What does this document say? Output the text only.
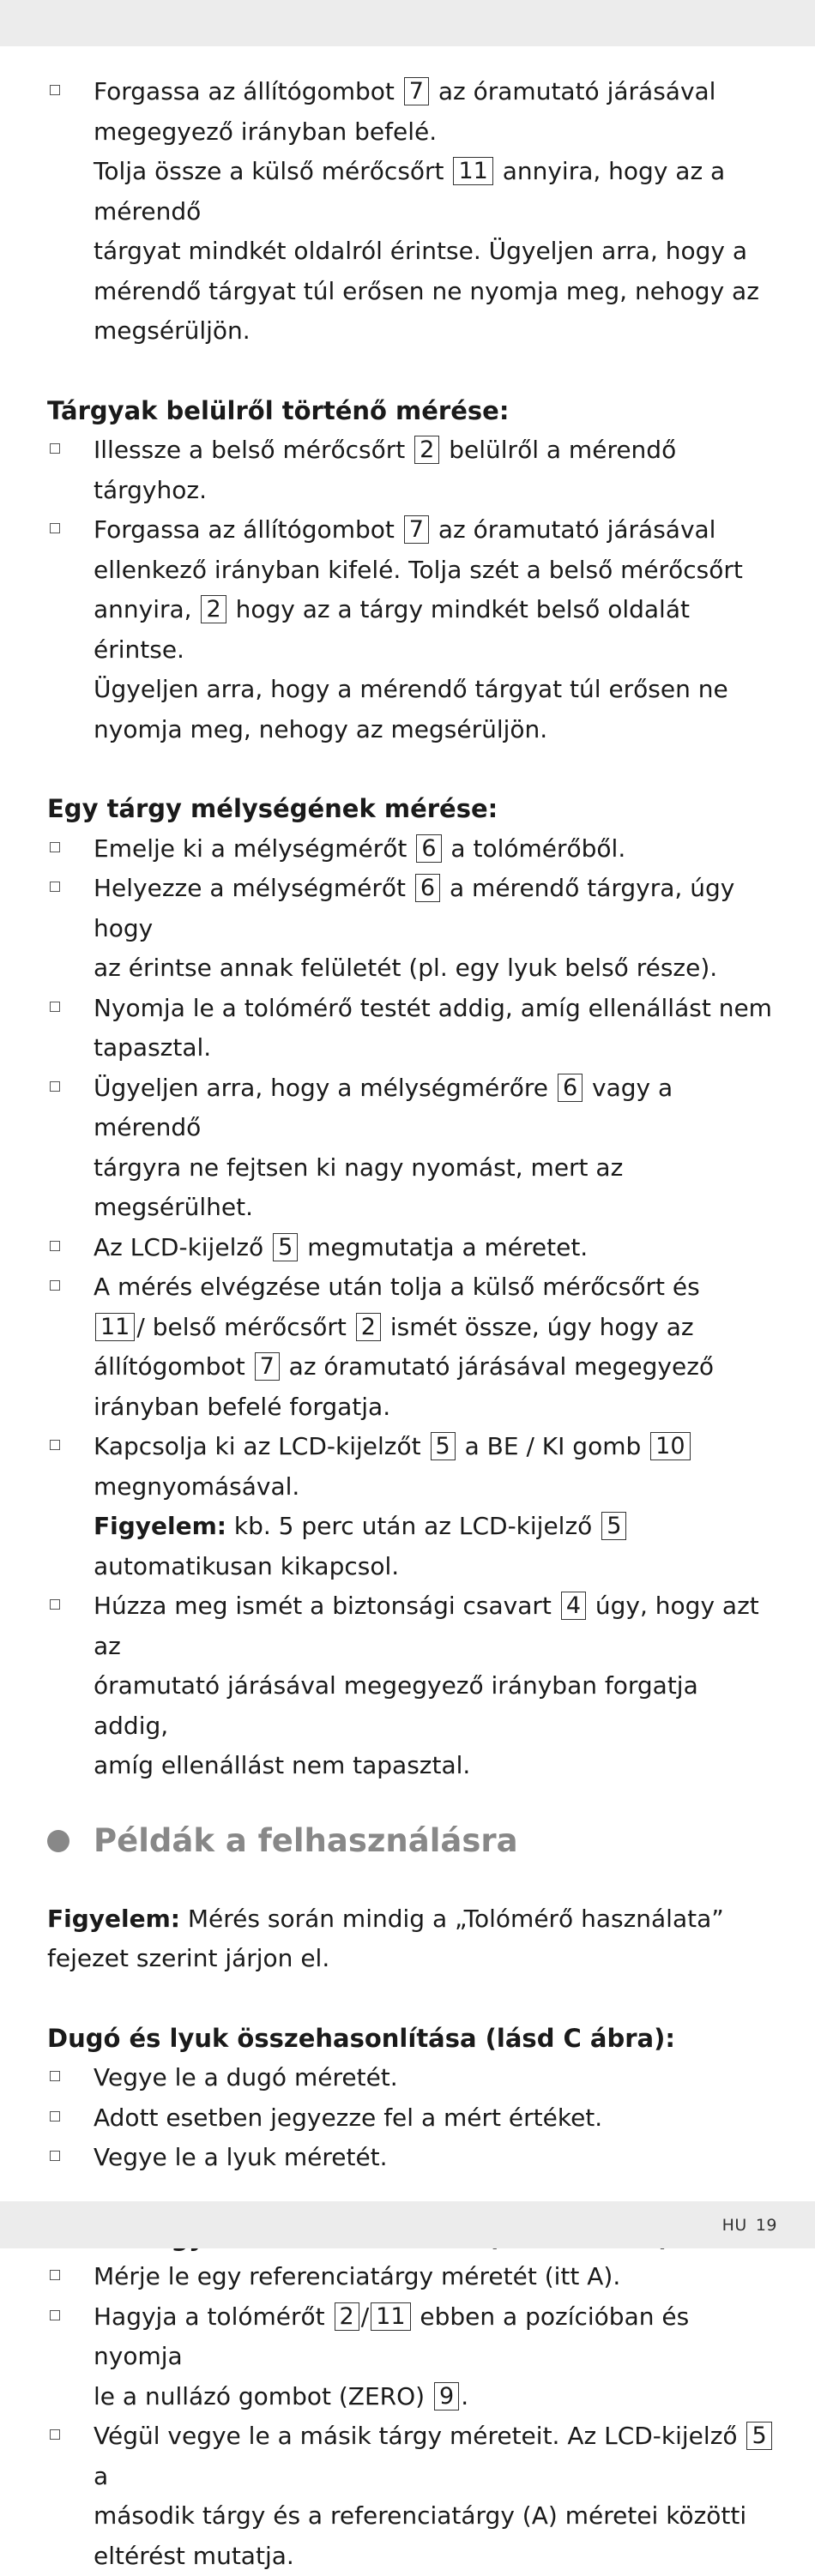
Forgassa az állítógombot 7 az óramutató járásával
megegyező irányban befelé.
Tolja össze a külső mérőcsőrt 11 annyira, hogy az a mérendő
tárgyat mindkét oldalról érintse. Ügyeljen arra, hogy a
mérendő tárgyat túl erősen ne nyomja meg, nehogy az
megsérüljön.
Tárgyak belülről történő mérése:
Illessze a belső mérőcsőrt 2 belülről a mérendő tárgyhoz.
Forgassa az állítógombot 7 az óramutató járásával
ellenkező irányban kifelé. Tolja szét a belső mérőcsőrt
annyira, 2 hogy az a tárgy mindkét belső oldalát érintse.
Ügyeljen arra, hogy a mérendő tárgyat túl erősen ne
nyomja meg, nehogy az megsérüljön.
Egy tárgy mélységének mérése:
Emelje ki a mélységmérőt 6 a tolómérőből.
Helyezze a mélységmérőt 6 a mérendő tárgyra, úgy hogy
az érintse annak felületét (pl. egy lyuk belső része).
Nyomja le a tolómérő testét addig, amíg ellenállást nem
tapasztal.
Ügyeljen arra, hogy a mélységmérőre 6 vagy a mérendő
tárgyra ne fejtsen ki nagy nyomást, mert az megsérülhet.
Az LCD-kijelző 5 megmutatja a méretet.
A mérés elvégzése után tolja a külső mérőcsőrt és
11 / belső mérőcsőrt 2 ismét össze, úgy hogy az
állítógombot 7 az óramutató járásával megegyező
irányban befelé forgatja.
Kapcsolja ki az LCD-kijelzőt 5 a BE / KI gomb 10
megnyomásával.
Figyelem: kb. 5 perc után az LCD-kijelző 5
automatikusan kikapcsol.
Húzza meg ismét a biztonsági csavart 4 úgy, hogy azt az
óramutató járásával megegyező irányban forgatja addig,
amíg ellenállást nem tapasztal.
Példák a felhasználásra
Figyelem: Mérés során mindig a „Tolómérő használata”
fejezet szerint járjon el.
Dugó és lyuk összehasonlítása (lásd C ábra):
Vegye le a dugó méretét.
Adott esetben jegyezze fel a mért értéket.
Vegye le a lyuk méretét.
Mérje le egy referenciatárgy méretét (itt A).
Hagyja a tolómérőt 2 / 11 ebben a pozícióban és nyomja
le a nullázó gombot (ZERO) 9 .
Végül vegye le a másik tárgy méreteit. Az LCD-kijelző 5 a
második tárgy és a referenciatárgy (A) méretei közötti
eltérést mutatja.
HU 19
